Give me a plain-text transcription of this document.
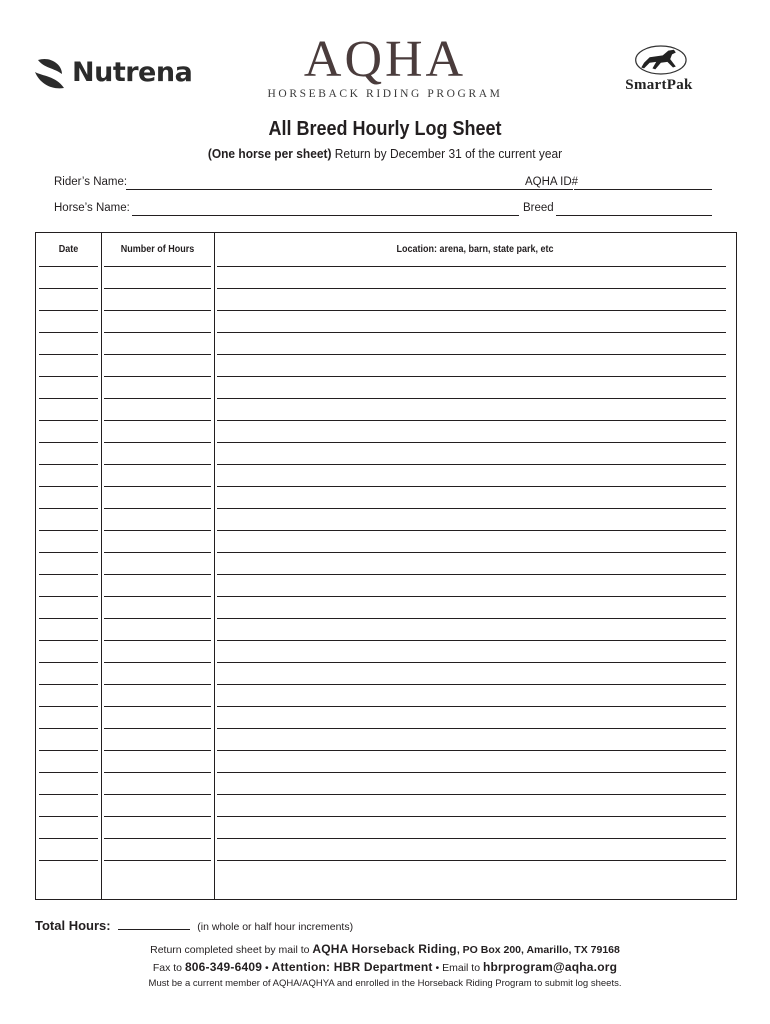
Nutrena	AQHA
HORSEBACK RIDING PROGRAM
SmartPak
All Breed Hourly Log Sheet
(One horse per sheet) Return by December 31 of the current year
Rider’s Name:	AQHA ID#
Horse’s Name:	Breed
Date	Number of Hours	Location: arena, barn, state park, etc
Total Hours:	(in whole or half hour increments)
Return completed sheet by mail to AQHA Horseback Riding, PO Box 200, Amarillo, TX 79168
Fax to 806-349-6409 • Attention: HBR Department • Email to hbrprogram@aqha.org
Must be a current member of AQHA/AQHYA and enrolled in the Horseback Riding Program to submit log sheets.
